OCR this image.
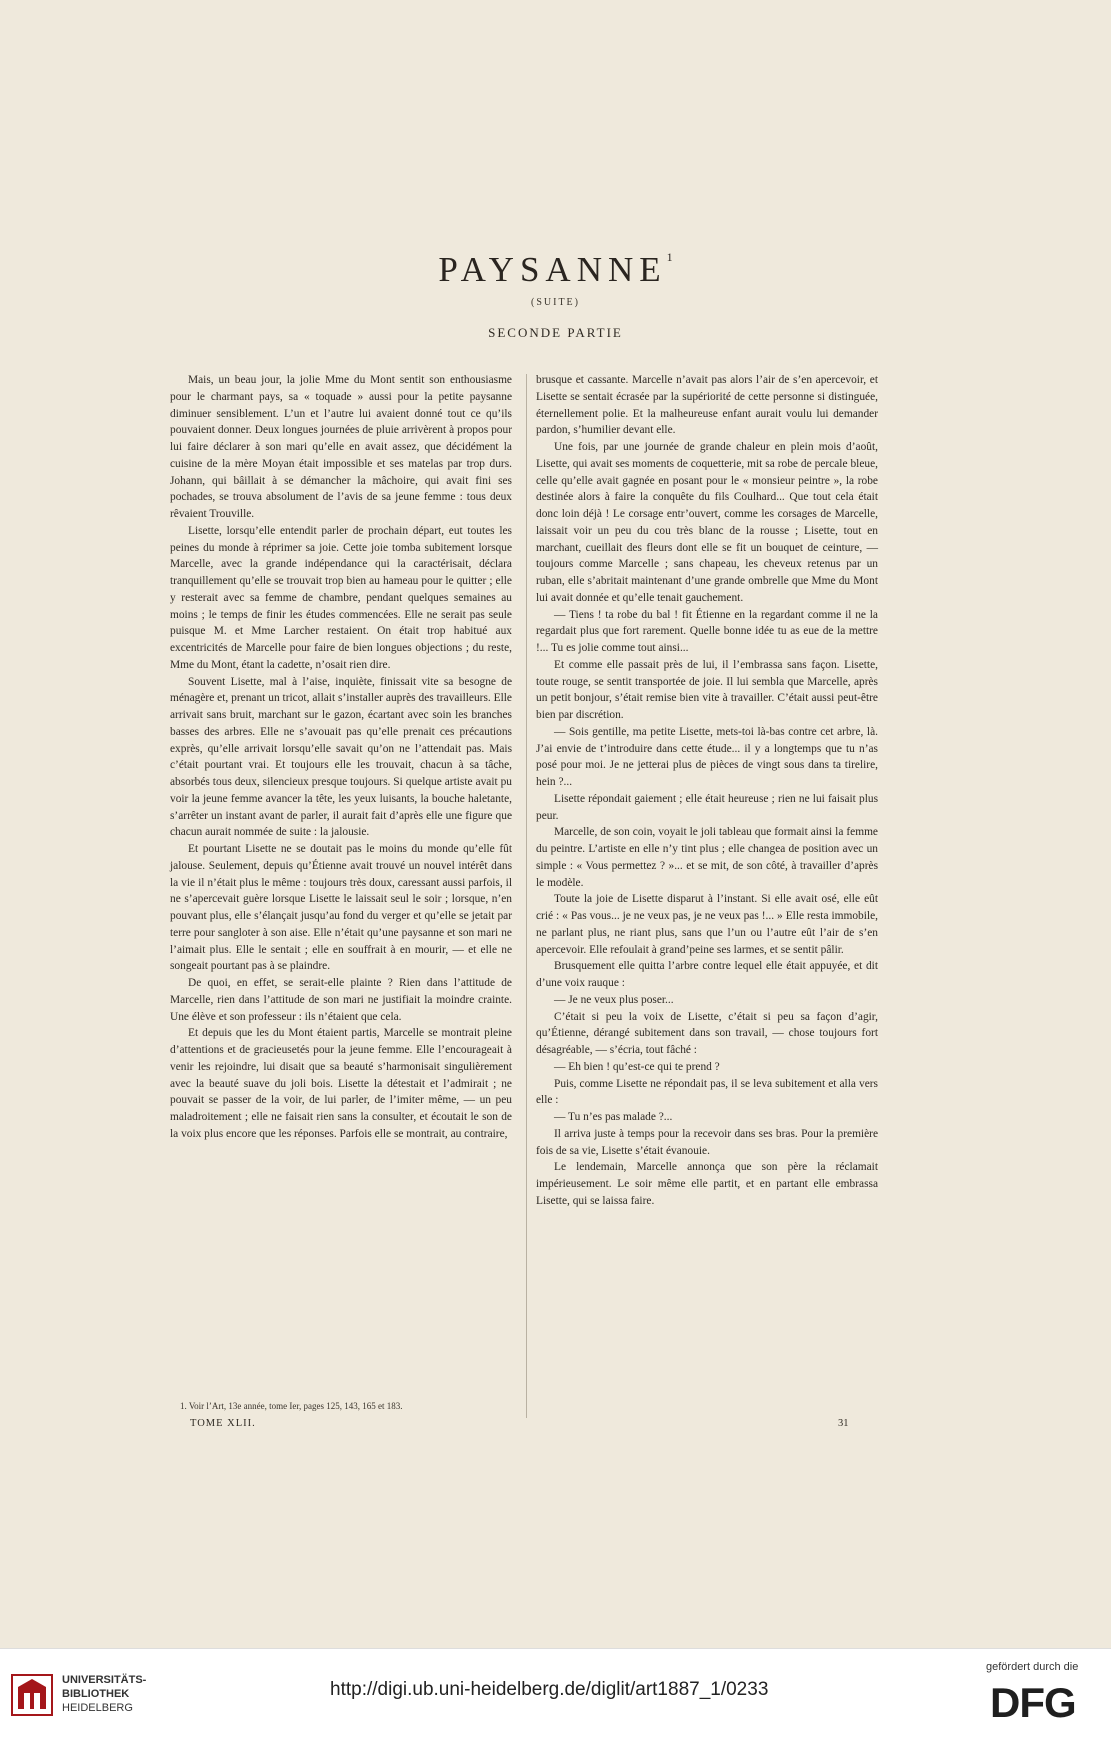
PAYSANNE$^1$
(SUITE)
SECONDE PARTIE

Mais, un beau jour, la jolie Mme du Mont sentit son enthousiasme pour le charmant pays, sa « toquade » aussi pour la petite paysanne diminuer sensiblement. L’un et l’autre lui avaient donné tout ce qu’ils pouvaient donner. Deux longues journées de pluie arrivèrent à propos pour lui faire déclarer à son mari qu’elle en avait assez, que décidément la cuisine de la mère Moyan était impossible et ses matelas par trop durs. Johann, qui bâillait à se démancher la mâchoire, qui avait fini ses pochades, se trouva absolument de l’avis de sa jeune femme : tous deux rêvaient Trouville.

Lisette, lorsqu’elle entendit parler de prochain départ, eut toutes les peines du monde à réprimer sa joie. Cette joie tomba subitement lorsque Marcelle, avec la grande indépendance qui la caractérisait, déclara tranquillement qu’elle se trouvait trop bien au hameau pour le quitter ; elle y resterait avec sa femme de chambre, pendant quelques semaines au moins ; le temps de finir les études commencées. Elle ne serait pas seule puisque M. et Mme Larcher restaient. On était trop habitué aux excentricités de Marcelle pour faire de bien longues objections ; du reste, Mme du Mont, étant la cadette, n’osait rien dire.

Souvent Lisette, mal à l’aise, inquiète, finissait vite sa besogne de ménagère et, prenant un tricot, allait s’installer auprès des travailleurs. Elle arrivait sans bruit, marchant sur le gazon, écartant avec soin les branches basses des arbres. Elle ne s’avouait pas qu’elle prenait ces précautions exprès, qu’elle arrivait lorsqu’elle savait qu’on ne l’attendait pas. Mais c’était pourtant vrai. Et toujours elle les trouvait, chacun à sa tâche, absorbés tous deux, silencieux presque toujours. Si quelque artiste avait pu voir la jeune femme avancer la tête, les yeux luisants, la bouche haletante, s’arrêter un instant avant de parler, il aurait fait d’après elle une figure que chacun aurait nommée de suite : la jalousie.

Et pourtant Lisette ne se doutait pas le moins du monde qu’elle fût jalouse. Seulement, depuis qu’Étienne avait trouvé un nouvel intérêt dans la vie il n’était plus le même : toujours très doux, caressant aussi parfois, il ne s’apercevait guère lorsque Lisette le laissait seul le soir ; lorsque, n’en pouvant plus, elle s’élançait jusqu’au fond du verger et qu’elle se jetait par terre pour sangloter à son aise. Elle n’était qu’une paysanne et son mari ne l’aimait plus. Elle le sentait ; elle en souffrait à en mourir, — et elle ne songeait pourtant pas à se plaindre.

De quoi, en effet, se serait-elle plainte ? Rien dans l’attitude de Marcelle, rien dans l’attitude de son mari ne justifiait la moindre crainte. Une élève et son professeur : ils n’étaient que cela.

Et depuis que les du Mont étaient partis, Marcelle se montrait pleine d’attentions et de gracieusetés pour la jeune femme. Elle l’encourageait à venir les rejoindre, lui disait que sa beauté s’harmonisait singulièrement avec la beauté suave du joli bois. Lisette la détestait et l’admirait ; ne pouvait se passer de la voir, de lui parler, de l’imiter même, — un peu maladroitement ; elle ne faisait rien sans la consulter, et écoutait le son de la voix plus encore que les réponses. Parfois elle se montrait, au contraire,

brusque et cassante. Marcelle n’avait pas alors l’air de s’en apercevoir, et Lisette se sentait écrasée par la supériorité de cette personne si distinguée, éternellement polie. Et la malheureuse enfant aurait voulu lui demander pardon, s’humilier devant elle.

Une fois, par une journée de grande chaleur en plein mois d’août, Lisette, qui avait ses moments de coquetterie, mit sa robe de percale bleue, celle qu’elle avait gagnée en posant pour le « monsieur peintre », la robe destinée alors à faire la conquête du fils Coulhard... Que tout cela était donc loin déjà ! Le corsage entr’ouvert, comme les corsages de Marcelle, laissait voir un peu du cou très blanc de la rousse ; Lisette, tout en marchant, cueillait des fleurs dont elle se fit un bouquet de ceinture, — toujours comme Marcelle ; sans chapeau, les cheveux retenus par un ruban, elle s’abritait maintenant d’une grande ombrelle que Mme du Mont lui avait donnée et qu’elle tenait gauchement.

— Tiens ! ta robe du bal ! fit Étienne en la regardant comme il ne la regardait plus que fort rarement. Quelle bonne idée tu as eue de la mettre !... Tu es jolie comme tout ainsi...

Et comme elle passait près de lui, il l’embrassa sans façon. Lisette, toute rouge, se sentit transportée de joie. Il lui sembla que Marcelle, après un petit bonjour, s’était remise bien vite à travailler. C’était aussi peut-être bien par discrétion.

— Sois gentille, ma petite Lisette, mets-toi là-bas contre cet arbre, là. J’ai envie de t’introduire dans cette étude... il y a longtemps que tu n’as posé pour moi. Je ne jetterai plus de pièces de vingt sous dans ta tirelire, hein ?...

Lisette répondait gaiement ; elle était heureuse ; rien ne lui faisait plus peur.

Marcelle, de son coin, voyait le joli tableau que formait ainsi la femme du peintre. L’artiste en elle n’y tint plus ; elle changea de position avec un simple : « Vous permettez ? »... et se mit, de son côté, à travailler d’après le modèle.

Toute la joie de Lisette disparut à l’instant. Si elle avait osé, elle eût crié : « Pas vous... je ne veux pas, je ne veux pas !... » Elle resta immobile, ne parlant plus, ne riant plus, sans que l’un ou l’autre eût l’air de s’en apercevoir. Elle refoulait à grand’peine ses larmes, et se sentit pâlir.

Brusquement elle quitta l’arbre contre lequel elle était appuyée, et dit d’une voix rauque :

— Je ne veux plus poser...

C’était si peu la voix de Lisette, c’était si peu sa façon d’agir, qu’Étienne, dérangé subitement dans son travail, — chose toujours fort désagréable, — s’écria, tout fâché :

— Eh bien ! qu’est-ce qui te prend ?

Puis, comme Lisette ne répondait pas, il se leva subitement et alla vers elle :

— Tu n’es pas malade ?...

Il arriva juste à temps pour la recevoir dans ses bras. Pour la première fois de sa vie, Lisette s’était évanouie.

Le lendemain, Marcelle annonça que son père la réclamait impérieusement. Le soir même elle partit, et en partant elle embrassa Lisette, qui se laissa faire.

1. Voir l’Art, 13e année, tome Ier, pages 125, 143, 165 et 183.
TOME XLII.	31
UNIVERSITÄTS-
BIBLIOTHEK
HEIDELBERG
http://digi.ub.uni-heidelberg.de/diglit/art1887_1/0233
gefördert durch die
DFG
